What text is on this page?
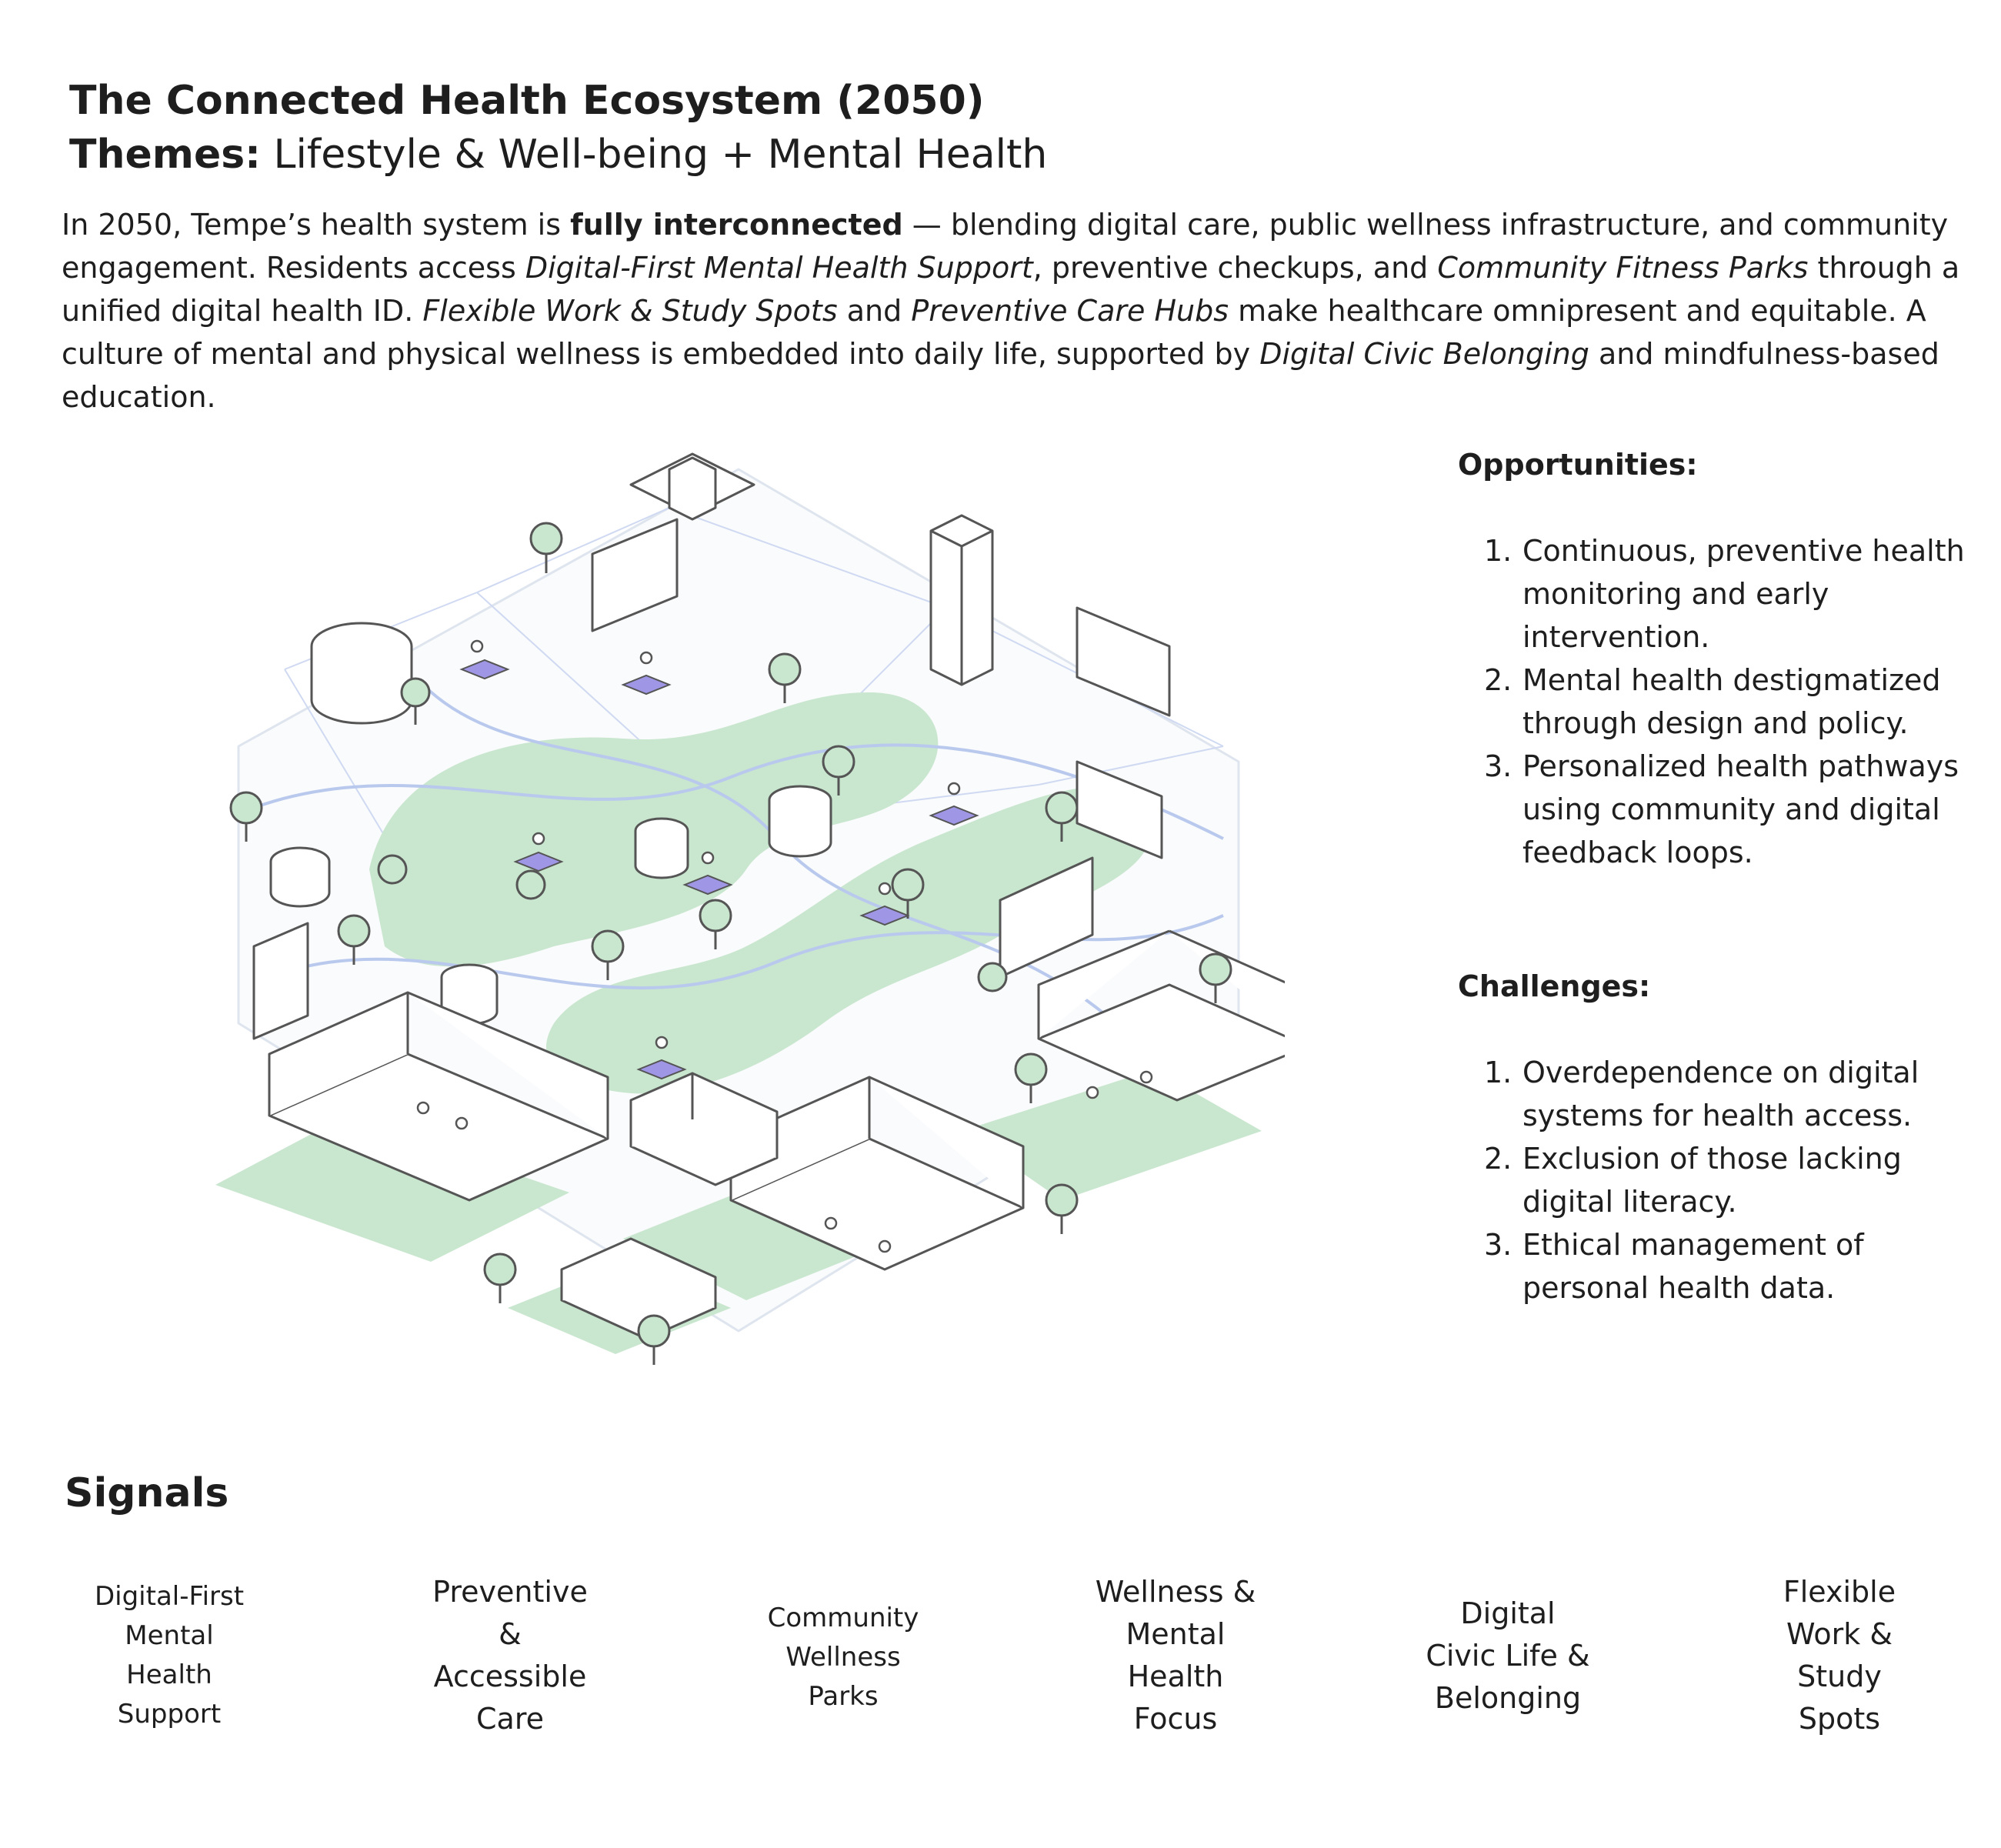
The Connected Health Ecosystem (2050)

Themes: Lifestyle & Well-being + Mental Health

In 2050, Tempe’s health system is fully interconnected — blending digital care, public wellness infrastructure, and community engagement. Residents access Digital-First Mental Health Support, preventive checkups, and Community Fitness Parks through a unified digital health ID. Flexible Work & Study Spots and Preventive Care Hubs make healthcare omnipresent and equitable. A culture of mental and physical wellness is embedded into daily life, supported by Digital Civic Belonging and mindfulness-based education.

Opportunities:
1. Continuous, preventive health monitoring and early intervention.
2. Mental health destigmatized through design and policy.
3. Personalized health pathways using community and digital feedback loops.
Challenges:
1. Overdependence on digital systems for health access.
2. Exclusion of those lacking digital literacy.
3. Ethical management of personal health data.
Signals
Digital-First
Mental
Health
Support
Preventive
&
Accessible
Care
Community
Wellness
Parks
Wellness &
Mental
Health
Focus
Digital
Civic Life &
Belonging
Flexible
Work &
Study
Spots
